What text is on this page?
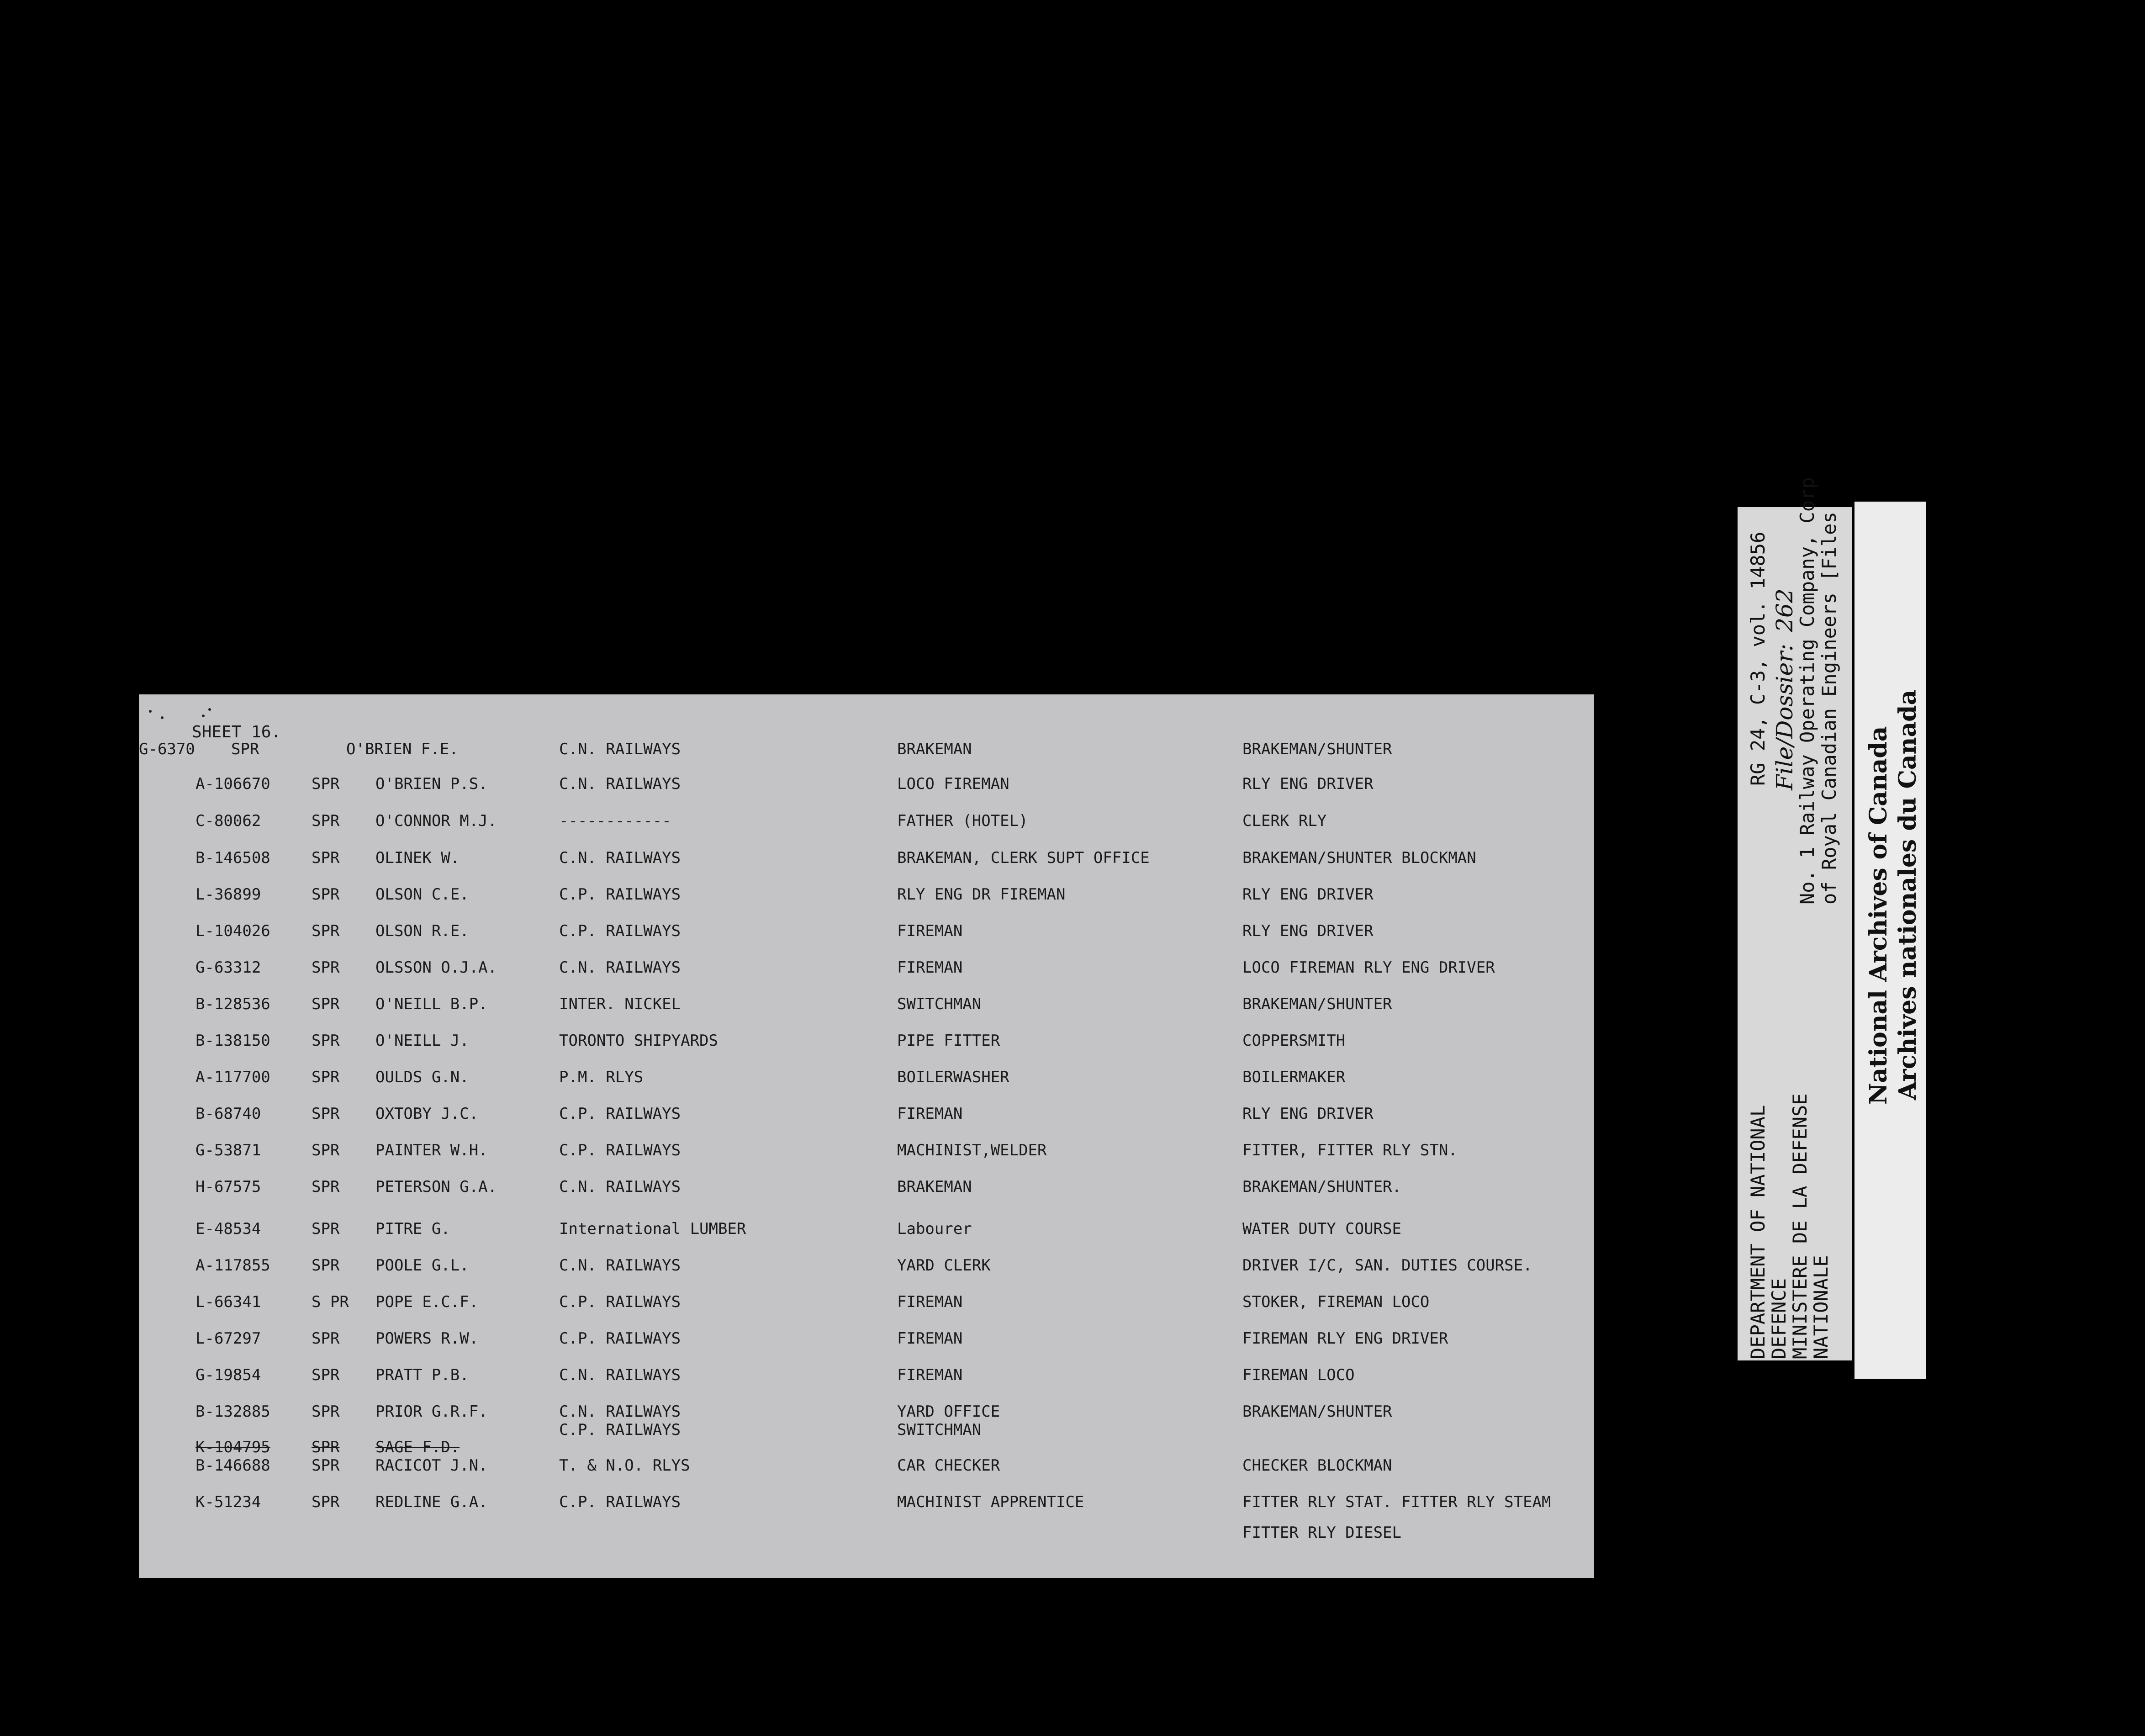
SHEET 16.
G-6370 SPR	O'BRIEN F.E.	C.N. RAILWAYS	BRAKEMAN	BRAKEMAN/SHUNTER
A-106670	SPR O'BRIEN P.S.	C.N. RAILWAYS	LOCO FIREMAN	RLY ENG DRIVER
C-80062	SPR O'CONNOR M.J.	------------	FATHER (HOTEL)	CLERK RLY
B-146508	SPR OLINEK W.	C.N. RAILWAYS	BRAKEMAN, CLERK SUPT OFFICE	BRAKEMAN/SHUNTER BLOCKMAN
L-36899	SPR OLSON C.E.	C.P. RAILWAYS	RLY ENG DR FIREMAN	RLY ENG DRIVER
L-104026	SPR OLSON R.E.	C.P. RAILWAYS	FIREMAN	RLY ENG DRIVER
G-63312	SPR OLSSON O.J.A.	C.N. RAILWAYS	FIREMAN	LOCO FIREMAN RLY ENG DRIVER
B-128536	SPR O'NEILL B.P.	INTER. NICKEL	SWITCHMAN	BRAKEMAN/SHUNTER
B-138150	SPR O'NEILL J.	TORONTO SHIPYARDS	PIPE FITTER	COPPERSMITH
A-117700	SPR OULDS G.N.	P.M. RLYS	BOILERWASHER	BOILERMAKER
B-68740	SPR OXTOBY J.C.	C.P. RAILWAYS	FIREMAN	RLY ENG DRIVER
G-53871	SPR PAINTER W.H.	C.P. RAILWAYS	MACHINIST,WELDER	FITTER, FITTER RLY STN.
H-67575	SPR PETERSON G.A.	C.N. RAILWAYS	BRAKEMAN	BRAKEMAN/SHUNTER.
E-48534	SPR PITRE G.	International LUMBER	Labourer	WATER DUTY COURSE
A-117855	SPR POOLE G.L.	C.N. RAILWAYS	YARD CLERK	DRIVER I/C, SAN. DUTIES COURSE.
L-66341	S PR POPE E.C.F.	C.P. RAILWAYS	FIREMAN	STOKER, FIREMAN LOCO
L-67297	SPR POWERS R.W.	C.P. RAILWAYS	FIREMAN	FIREMAN RLY ENG DRIVER
G-19854	SPR PRATT P.B.	C.N. RAILWAYS	FIREMAN	FIREMAN LOCO
B-132885	SPR PRIOR G.R.F.	C.N. RAILWAYS	YARD OFFICE	BRAKEMAN/SHUNTER
C.P. RAILWAYS	SWITCHMAN
K-104795	SPR SAGE F.D.
B-146688	SPR RACICOT J.N.	T. & N.O. RLYS	CAR CHECKER	CHECKER BLOCKMAN
K-51234	SPR REDLINE G.A.	C.P. RAILWAYS	MACHINIST APPRENTICE	FITTER RLY STAT. FITTER RLY STEAM
FITTER RLY DIESEL
RG 24, C-3, vol. 14856 File/Dossier: 262
No. 1 Railway Operating Company, Corp of Royal Canadian Engineers [Files
DEPARTMENT OF NATIONAL
DEFENCE
MINISTERE DE LA DEFENSE
NATIONALE
National Archives of Canada Archives nationales du Canada
